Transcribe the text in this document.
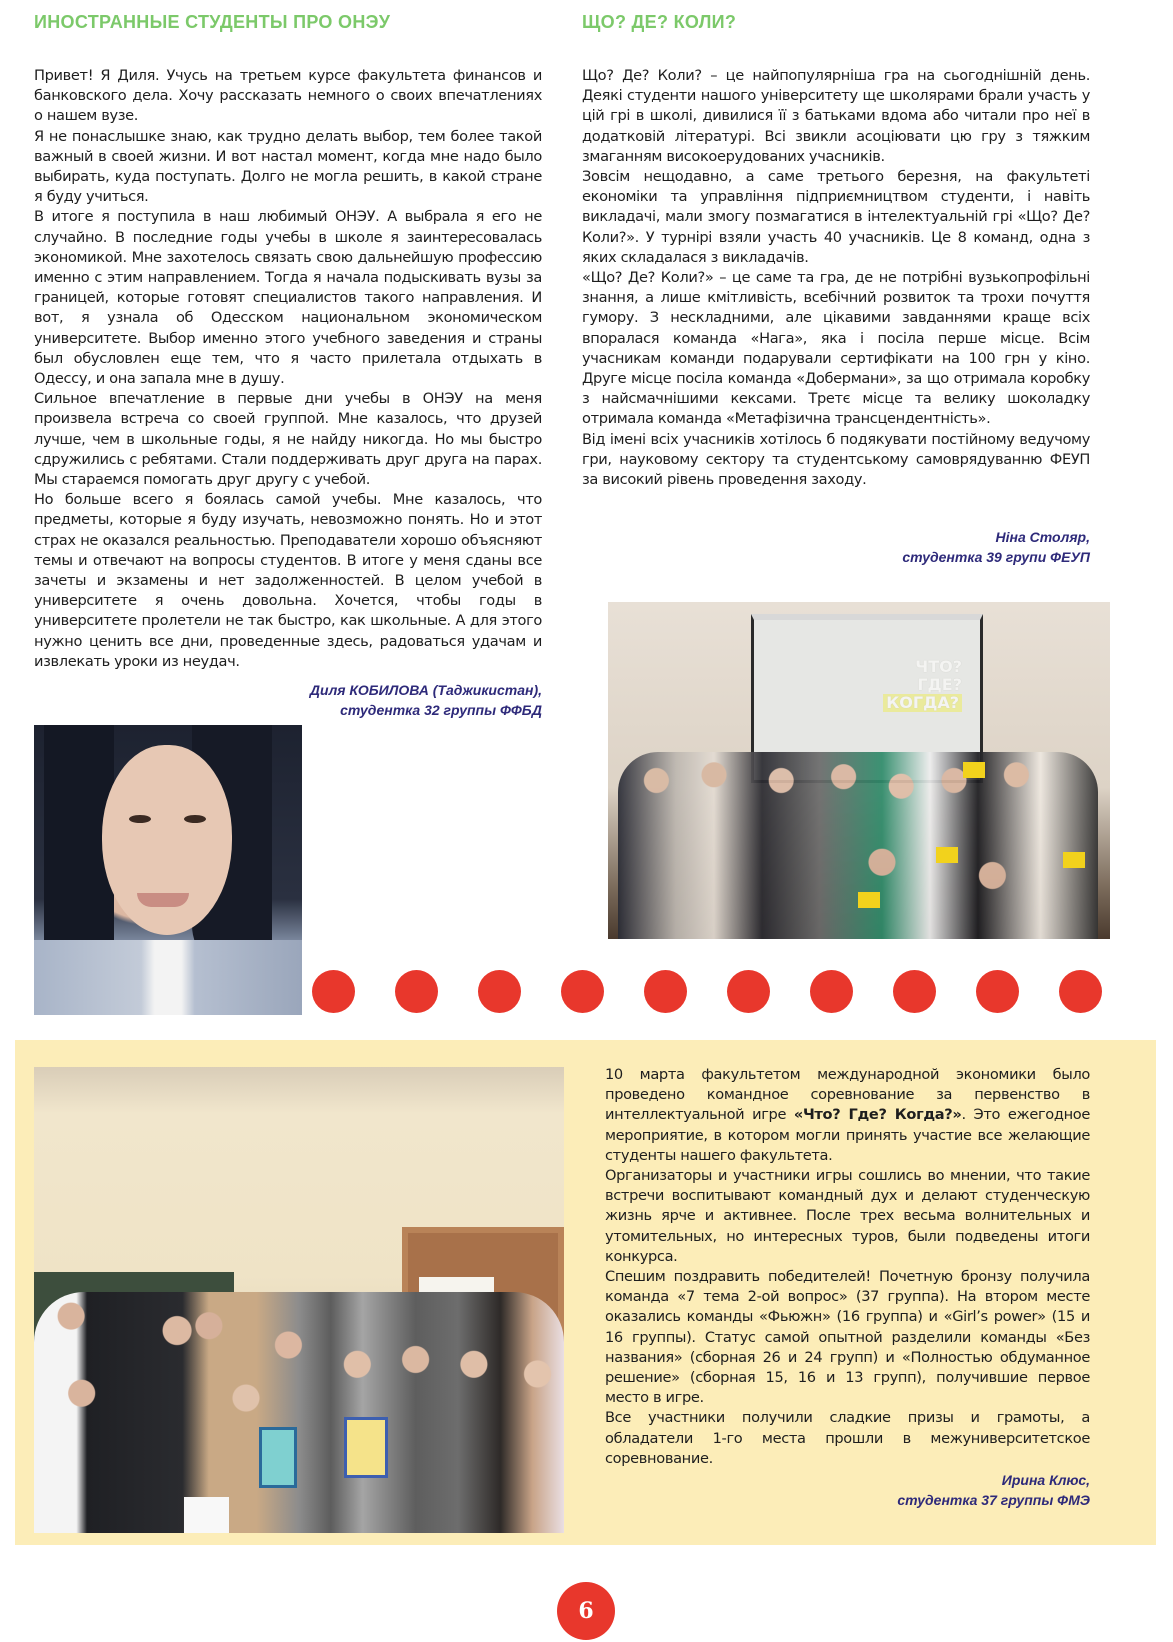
ИНОСТРАННЫЕ СТУДЕНТЫ ПРО ОНЭУ

Привет! Я Диля. Учусь на третьем курсе факультета финансов и банковского дела. Хочу рассказать немного о своих впечатлениях о нашем вузе.

Я не понаслышке знаю, как трудно делать выбор, тем более такой важный в своей жизни. И вот настал момент, когда мне надо было выбирать, куда поступать. Долго не могла решить, в какой стране я буду учиться.

В итоге я поступила в наш любимый ОНЭУ. А выбрала я его не случайно. В последние годы учебы в школе я заинтересовалась экономикой. Мне захотелось связать свою дальнейшую профессию именно с этим направлением. Тогда я начала подыскивать вузы за границей, которые готовят специалистов такого направления. И вот, я узнала об Одесском национальном экономическом университете. Выбор именно этого учебного заведения и страны был обусловлен еще тем, что я часто прилетала отдыхать в Одессу, и она запала мне в душу.

Сильное впечатление в первые дни учебы в ОНЭУ на меня произвела встреча со своей группой. Мне казалось, что друзей лучше, чем в школьные годы, я не найду никогда. Но мы быстро сдружились с ребятами. Стали поддерживать друг друга на парах. Мы стараемся помогать друг другу с учебой.

Но больше всего я боялась самой учебы. Мне казалось, что предметы, которые я буду изучать, невозможно понять. Но и этот страх не оказался реальностью. Преподаватели хорошо объясняют темы и отвечают на вопросы студентов. В итоге у меня сданы все зачеты и экзамены и нет задолженностей. В целом учебой в университете я очень довольна. Хочется, чтобы годы в университете пролетели не так быстро, как школьные. А для этого нужно ценить все дни, проведенные здесь, радоваться удачам и извлекать уроки из неудач.

Диля КОБИЛОВА (Таджикистан),
студентка 32 группы ФФБД
ЩО? ДЕ? КОЛИ?

Що? Де? Коли? – це найпопулярніша гра на сьогоднішній день. Деякі студенти нашого університету ще школярами брали участь у цій грі в школі, дивилися її з батьками вдома або читали про неї в додатковій літературі. Всі звикли асоціювати цю гру з тяжким змаганням високоерудованих учасників.

Зовсім нещодавно, а саме третього березня, на факультеті економіки та управління підприємництвом студенти, і навіть викладачі, мали змогу позмагатися в інтелектуальній грі «Що? Де? Коли?». У турнірі взяли участь 40 учасників. Це 8 команд, одна з яких складалася з викладачів.

«Що? Де? Коли?» – це саме та гра, де не потрібні вузькопрофільні знання, а лише кмітливість, всебічний розвиток та трохи почуття гумору. З нескладними, але цікавими завданнями краще всіх впоралася команда «Нага», яка і посіла перше місце. Всім учасникам команди подарували сертифікати на 100 грн у кіно. Друге місце посіла команда «Добермани», за що отримала коробку з найсмачнішими кексами. Третє місце та велику шоколадку отримала команда «Метафізична трансцендентність».

Від імені всіх учасників хотілось б подякувати постійному ведучому гри, науковому сектору та студентському самоврядуванню ФЕУП за високий рівень проведення заходу.

Ніна Столяр,
студентка 39 групи ФЕУП
ЧТО?
ГДЕ?
КОГДА?

10 марта факультетом международной экономики было проведено командное соревнование за первенство в интеллектуальной игре «Что? Где? Когда?». Это ежегодное мероприятие, в котором могли принять участие все желающие студенты нашего факультета.

Организаторы и участники игры сошлись во мнении, что такие встречи воспитывают командный дух и делают студенческую жизнь ярче и активнее. После трех весьма волнительных и утомительных, но интересных туров, были подведены итоги конкурса.

Спешим поздравить победителей! Почетную бронзу получила команда «7 тема 2-ой вопрос» (37 группа). На втором месте оказались команды «Фьюжн» (16 группа) и «Girl’s power» (15 и 16 группы). Статус самой опытной разделили команды «Без названия» (сборная 26 и 24 групп) и «Полностью обдуманное решение» (сборная 15, 16 и 13 групп), получившие первое место в игре.

Все участники получили сладкие призы и грамоты, а обладатели 1-го места прошли в межуниверситетское соревнование.

Ирина Клюс,
студентка 37 группы ФМЭ
6
